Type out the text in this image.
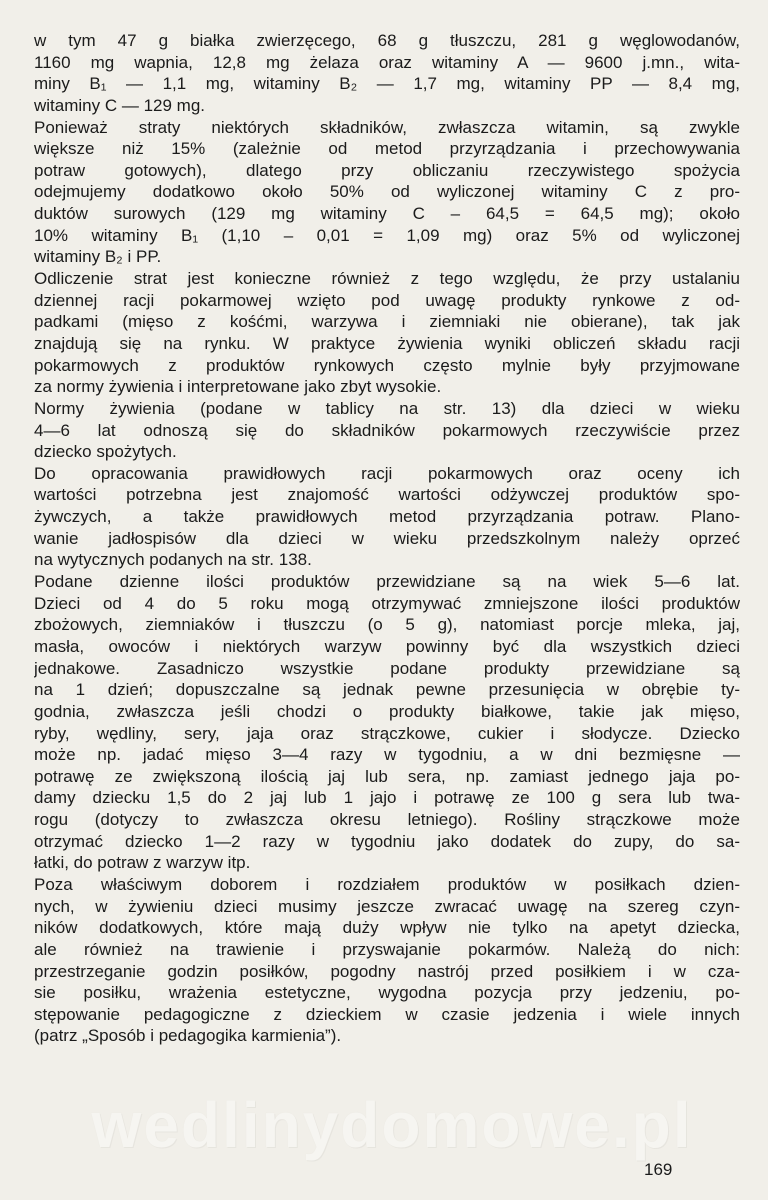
w tym 47 g białka zwierzęcego, 68 g tłuszczu, 281 g węglowodanów,
1160 mg wapnia, 12,8 mg żelaza oraz witaminy A — 9600 j.mn., wita-
miny B₁ — 1,1 mg, witaminy B₂ — 1,7 mg, witaminy PP — 8,4 mg,
witaminy C — 129 mg.
Ponieważ straty niektórych składników, zwłaszcza witamin, są zwykle
większe niż 15% (zależnie od metod przyrządzania i przechowywania
potraw gotowych), dlatego przy obliczaniu rzeczywistego spożycia
odejmujemy dodatkowo około 50% od wyliczonej witaminy C z pro-
duktów surowych (129 mg witaminy C – 64,5 = 64,5 mg); około
10% witaminy B₁ (1,10 – 0,01 = 1,09 mg) oraz 5% od wyliczonej
witaminy B₂ i PP.
Odliczenie strat jest konieczne również z tego względu, że przy ustalaniu
dziennej racji pokarmowej wzięto pod uwagę produkty rynkowe z od-
padkami (mięso z kośćmi, warzywa i ziemniaki nie obierane), tak jak
znajdują się na rynku. W praktyce żywienia wyniki obliczeń składu racji
pokarmowych z produktów rynkowych często mylnie były przyjmowane
za normy żywienia i interpretowane jako zbyt wysokie.
Normy żywienia (podane w tablicy na str. 13) dla dzieci w wieku
4—6 lat odnoszą się do składników pokarmowych rzeczywiście przez
dziecko spożytych.
Do opracowania prawidłowych racji pokarmowych oraz oceny ich
wartości potrzebna jest znajomość wartości odżywczej produktów spo-
żywczych, a także prawidłowych metod przyrządzania potraw. Plano-
wanie jadłospisów dla dzieci w wieku przedszkolnym należy oprzeć
na wytycznych podanych na str. 138.
Podane dzienne ilości produktów przewidziane są na wiek 5—6 lat.
Dzieci od 4 do 5 roku mogą otrzymywać zmniejszone ilości produktów
zbożowych, ziemniaków i tłuszczu (o 5 g), natomiast porcje mleka, jaj,
masła, owoców i niektórych warzyw powinny być dla wszystkich dzieci
jednakowe. Zasadniczo wszystkie podane produkty przewidziane są
na 1 dzień; dopuszczalne są jednak pewne przesunięcia w obrębie ty-
godnia, zwłaszcza jeśli chodzi o produkty białkowe, takie jak mięso,
ryby, wędliny, sery, jaja oraz strączkowe, cukier i słodycze. Dziecko
może np. jadać mięso 3—4 razy w tygodniu, a w dni bezmięsne —
potrawę ze zwiększoną ilością jaj lub sera, np. zamiast jednego jaja po-
damy dziecku 1,5 do 2 jaj lub 1 jajo i potrawę ze 100 g sera lub twa-
rogu (dotyczy to zwłaszcza okresu letniego). Rośliny strączkowe może
otrzymać dziecko 1—2 razy w tygodniu jako dodatek do zupy, do sa-
łatki, do potraw z warzyw itp.
Poza właściwym doborem i rozdziałem produktów w posiłkach dzien-
nych, w żywieniu dzieci musimy jeszcze zwracać uwagę na szereg czyn-
ników dodatkowych, które mają duży wpływ nie tylko na apetyt dziecka,
ale również na trawienie i przyswajanie pokarmów. Należą do nich:
przestrzeganie godzin posiłków, pogodny nastrój przed posiłkiem i w cza-
sie posiłku, wrażenia estetyczne, wygodna pozycja przy jedzeniu, po-
stępowanie pedagogiczne z dzieckiem w czasie jedzenia i wiele innych
(patrz „Sposób i pedagogika karmienia”).
wedlinydomowe.pl
169
